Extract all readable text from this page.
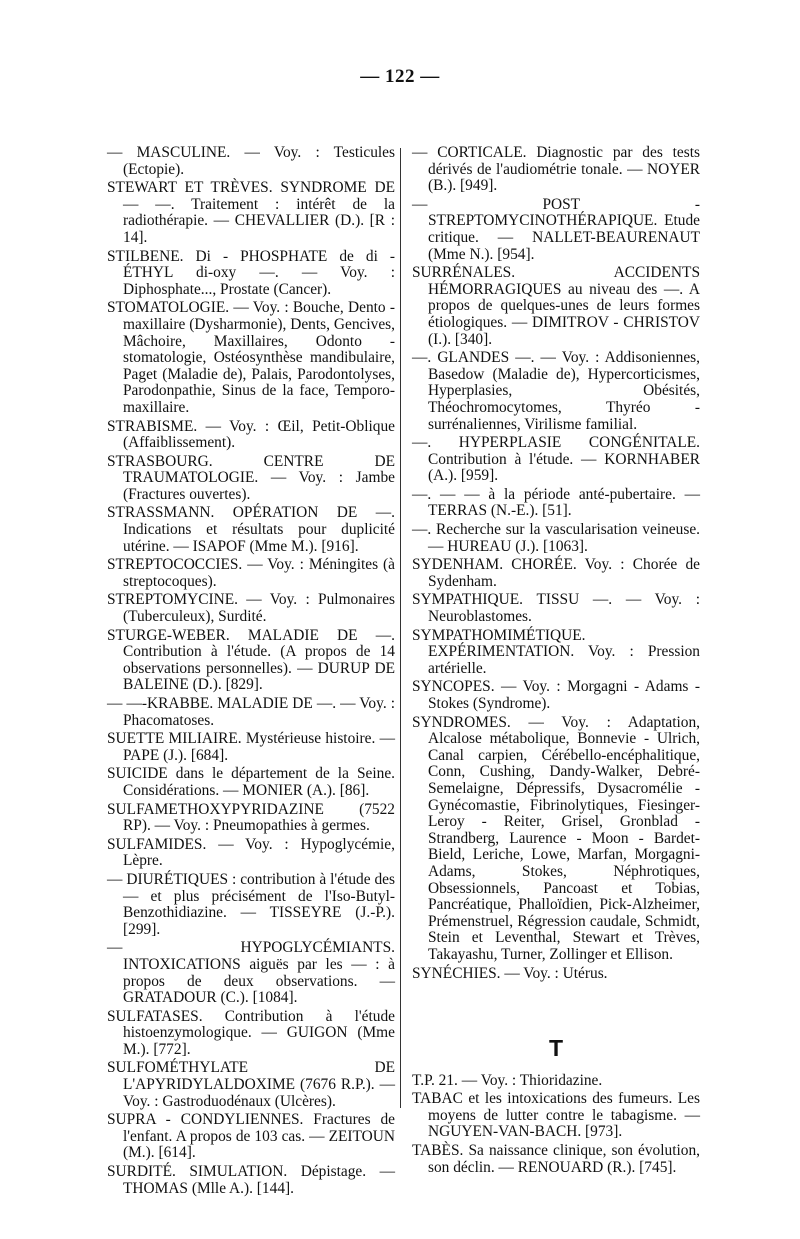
— 122 —

— MASCULINE. — Voy. : Testicules (Ectopie).

STEWART ET TRÈVES. SYNDROME DE — —. Traitement : intérêt de la radiothérapie. — CHEVALLIER (D.). [R : 14].

STILBENE. Di - PHOSPHATE de di - ÉTHYL di-oxy —. — Voy. : Diphosphate..., Prostate (Cancer).

STOMATOLOGIE. — Voy. : Bouche, Dento - maxillaire (Dysharmonie), Dents, Gencives, Mâchoire, Maxillaires, Odonto - stomatologie, Ostéosynthèse mandibulaire, Paget (Maladie de), Palais, Parodontolyses, Parodonpathie, Sinus de la face, Temporo-maxillaire.

STRABISME. — Voy. : Œil, Petit-Oblique (Affaiblissement).

STRASBOURG. CENTRE DE TRAUMATOLOGIE. — Voy. : Jambe (Fractures ouvertes).

STRASSMANN. OPÉRATION DE —. Indications et résultats pour duplicité utérine. — ISAPOF (Mme M.). [916].

STREPTOCOCCIES. — Voy. : Méningites (à streptocoques).

STREPTOMYCINE. — Voy. : Pulmonaires (Tuberculeux), Surdité.

STURGE-WEBER. MALADIE DE —. Contribution à l'étude. (A propos de 14 observations personnelles). — DURUP DE BALEINE (D.). [829].

— —-KRABBE. MALADIE DE —. — Voy. : Phacomatoses.

SUETTE MILIAIRE. Mystérieuse histoire. — PAPE (J.). [684].

SUICIDE dans le département de la Seine. Considérations. — MONIER (A.). [86].

SULFAMETHOXYPYRIDAZINE (7522 RP). — Voy. : Pneumopathies à germes.

SULFAMIDES. — Voy. : Hypoglycémie, Lèpre.

— DIURÉTIQUES : contribution à l'étude des — et plus précisément de l'Iso-Butyl-Benzothidiazine. — TISSEYRE (J.-P.). [299].

— HYPOGLYCÉMIANTS. INTOXICATIONS aiguës par les — : à propos de deux observations. — GRATADOUR (C.). [1084].

SULFATASES. Contribution à l'étude histoenzymologique. — GUIGON (Mme M.). [772].

SULFOMÉTHYLATE DE L'APYRIDYLALDOXIME (7676 R.P.). — Voy. : Gastroduodénaux (Ulcères).

SUPRA - CONDYLIENNES. Fractures de l'enfant. A propos de 103 cas. — ZEITOUN (M.). [614].

SURDITÉ. SIMULATION. Dépistage. — THOMAS (Mlle A.). [144].

— CORTICALE. Diagnostic par des tests dérivés de l'audiométrie tonale. — NOYER (B.). [949].

— POST - STREPTOMYCINOTHÉRAPIQUE. Etude critique. — NALLET-BEAURENAUT (Mme N.). [954].

SURRÉNALES. ACCIDENTS HÉMORRAGIQUES au niveau des —. A propos de quelques-unes de leurs formes étiologiques. — DIMITROV - CHRISTOV (I.). [340].

—. GLANDES —. — Voy. : Addisoniennes, Basedow (Maladie de), Hypercorticismes, Hyperplasies, Obésités, Théochromocytomes, Thyréo - surrénaliennes, Virilisme familial.

—. HYPERPLASIE CONGÉNITALE. Contribution à l'étude. — KORNHABER (A.). [959].

—. — — à la période anté-pubertaire. — TERRAS (N.-E.). [51].

—. Recherche sur la vascularisation veineuse. — HUREAU (J.). [1063].

SYDENHAM. CHORÉE. Voy. : Chorée de Sydenham.

SYMPATHIQUE. TISSU —. — Voy. : Neuroblastomes.

SYMPATHOMIMÉTIQUE. EXPÉRIMENTATION. Voy. : Pression artérielle.

SYNCOPES. — Voy. : Morgagni - Adams - Stokes (Syndrome).

SYNDROMES. — Voy. : Adaptation, Alcalose métabolique, Bonnevie - Ulrich, Canal carpien, Cérébello-encéphalitique, Conn, Cushing, Dandy-Walker, Debré-Semelaigne, Dépressifs, Dysacromélie - Gynécomastie, Fibrinolytiques, Fiesinger-Leroy - Reiter, Grisel, Gronblad - Strandberg, Laurence - Moon - Bardet-Bield, Leriche, Lowe, Marfan, Morgagni-Adams, Stokes, Néphrotiques, Obsessionnels, Pancoast et Tobias, Pancréatique, Phalloïdien, Pick-Alzheimer, Prémenstruel, Régression caudale, Schmidt, Stein et Leventhal, Stewart et Trèves, Takayashu, Turner, Zollinger et Ellison.

SYNÉCHIES. — Voy. : Utérus.

T

T.P. 21. — Voy. : Thioridazine.

TABAC et les intoxications des fumeurs. Les moyens de lutter contre le tabagisme. — NGUYEN-VAN-BACH. [973].

TABÈS. Sa naissance clinique, son évolution, son déclin. — RENOUARD (R.). [745].
